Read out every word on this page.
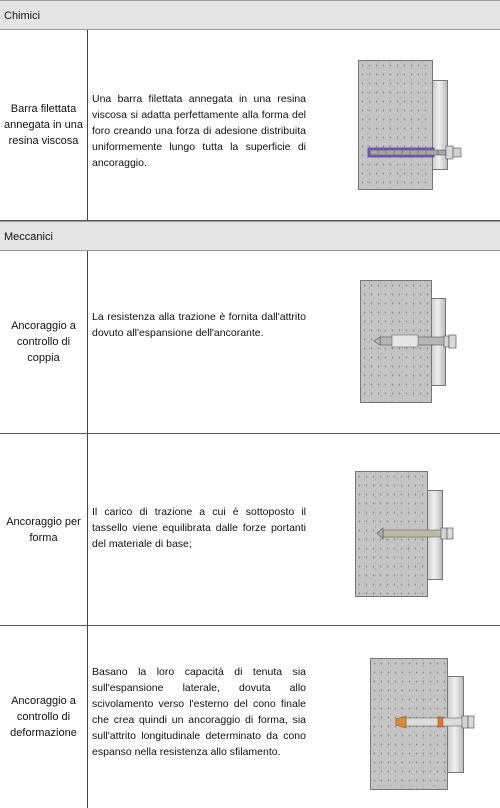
Chimici
Barra filettata annegata in una resina viscosa
Una barra filettata annegata in una resina viscosa si adatta perfettamente alla forma del foro creando una forza di adesione distribuita uniformemente lungo tutta la superficie di ancoraggio.
Meccanici
Ancoraggio a controllo di coppia
La resistenza alla trazione è fornita dall'attrito dovuto all'espansione dell'ancorante.
Ancoraggio per forma
Il carico di trazione a cui è sottoposto il tassello viene equilibrata dalle forze portanti del materiale di base;
Ancoraggio a controllo di deformazione
Basano la loro capacità di tenuta sia sull'espansione laterale, dovuta allo scivolamento verso l'esterno del cono finale che crea quindi un ancoraggio di forma, sia sull'attrito longitudinale determinato da cono espanso nella resistenza allo sfilamento.
